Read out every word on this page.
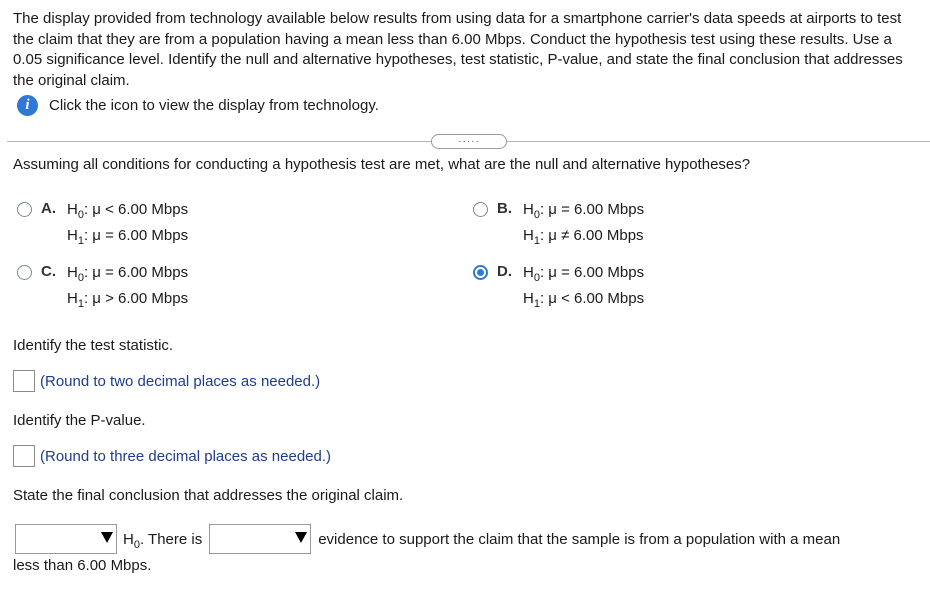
The display provided from technology available below results from using data for a smartphone carrier's data speeds at airports to test the claim that they are from a population having a mean less than 6.00 Mbps. Conduct the hypothesis test using these results. Use a 0.05 significance level. Identify the null and alternative hypotheses, test statistic, P-value, and state the final conclusion that addresses the original claim.
i	Click the icon to view the display from technology.
·····
Assuming all conditions for conducting a hypothesis test are met, what are the null and alternative hypotheses?
A. $H_0$: μ < 6.00 Mbps
$H_1$: μ = 6.00 Mbps
B. $H_0$: μ = 6.00 Mbps
$H_1$: μ ≠ 6.00 Mbps
C. $H_0$: μ = 6.00 Mbps
$H_1$: μ > 6.00 Mbps
D. $H_0$: μ = 6.00 Mbps
$H_1$: μ < 6.00 Mbps
Identify the test statistic.
(Round to two decimal places as needed.)
Identify the P-value.
(Round to three decimal places as needed.)
State the final conclusion that addresses the original claim.
$H_0$ . There is	evidence to support the claim that the sample is from a population with a mean
less than 6.00 Mbps.
